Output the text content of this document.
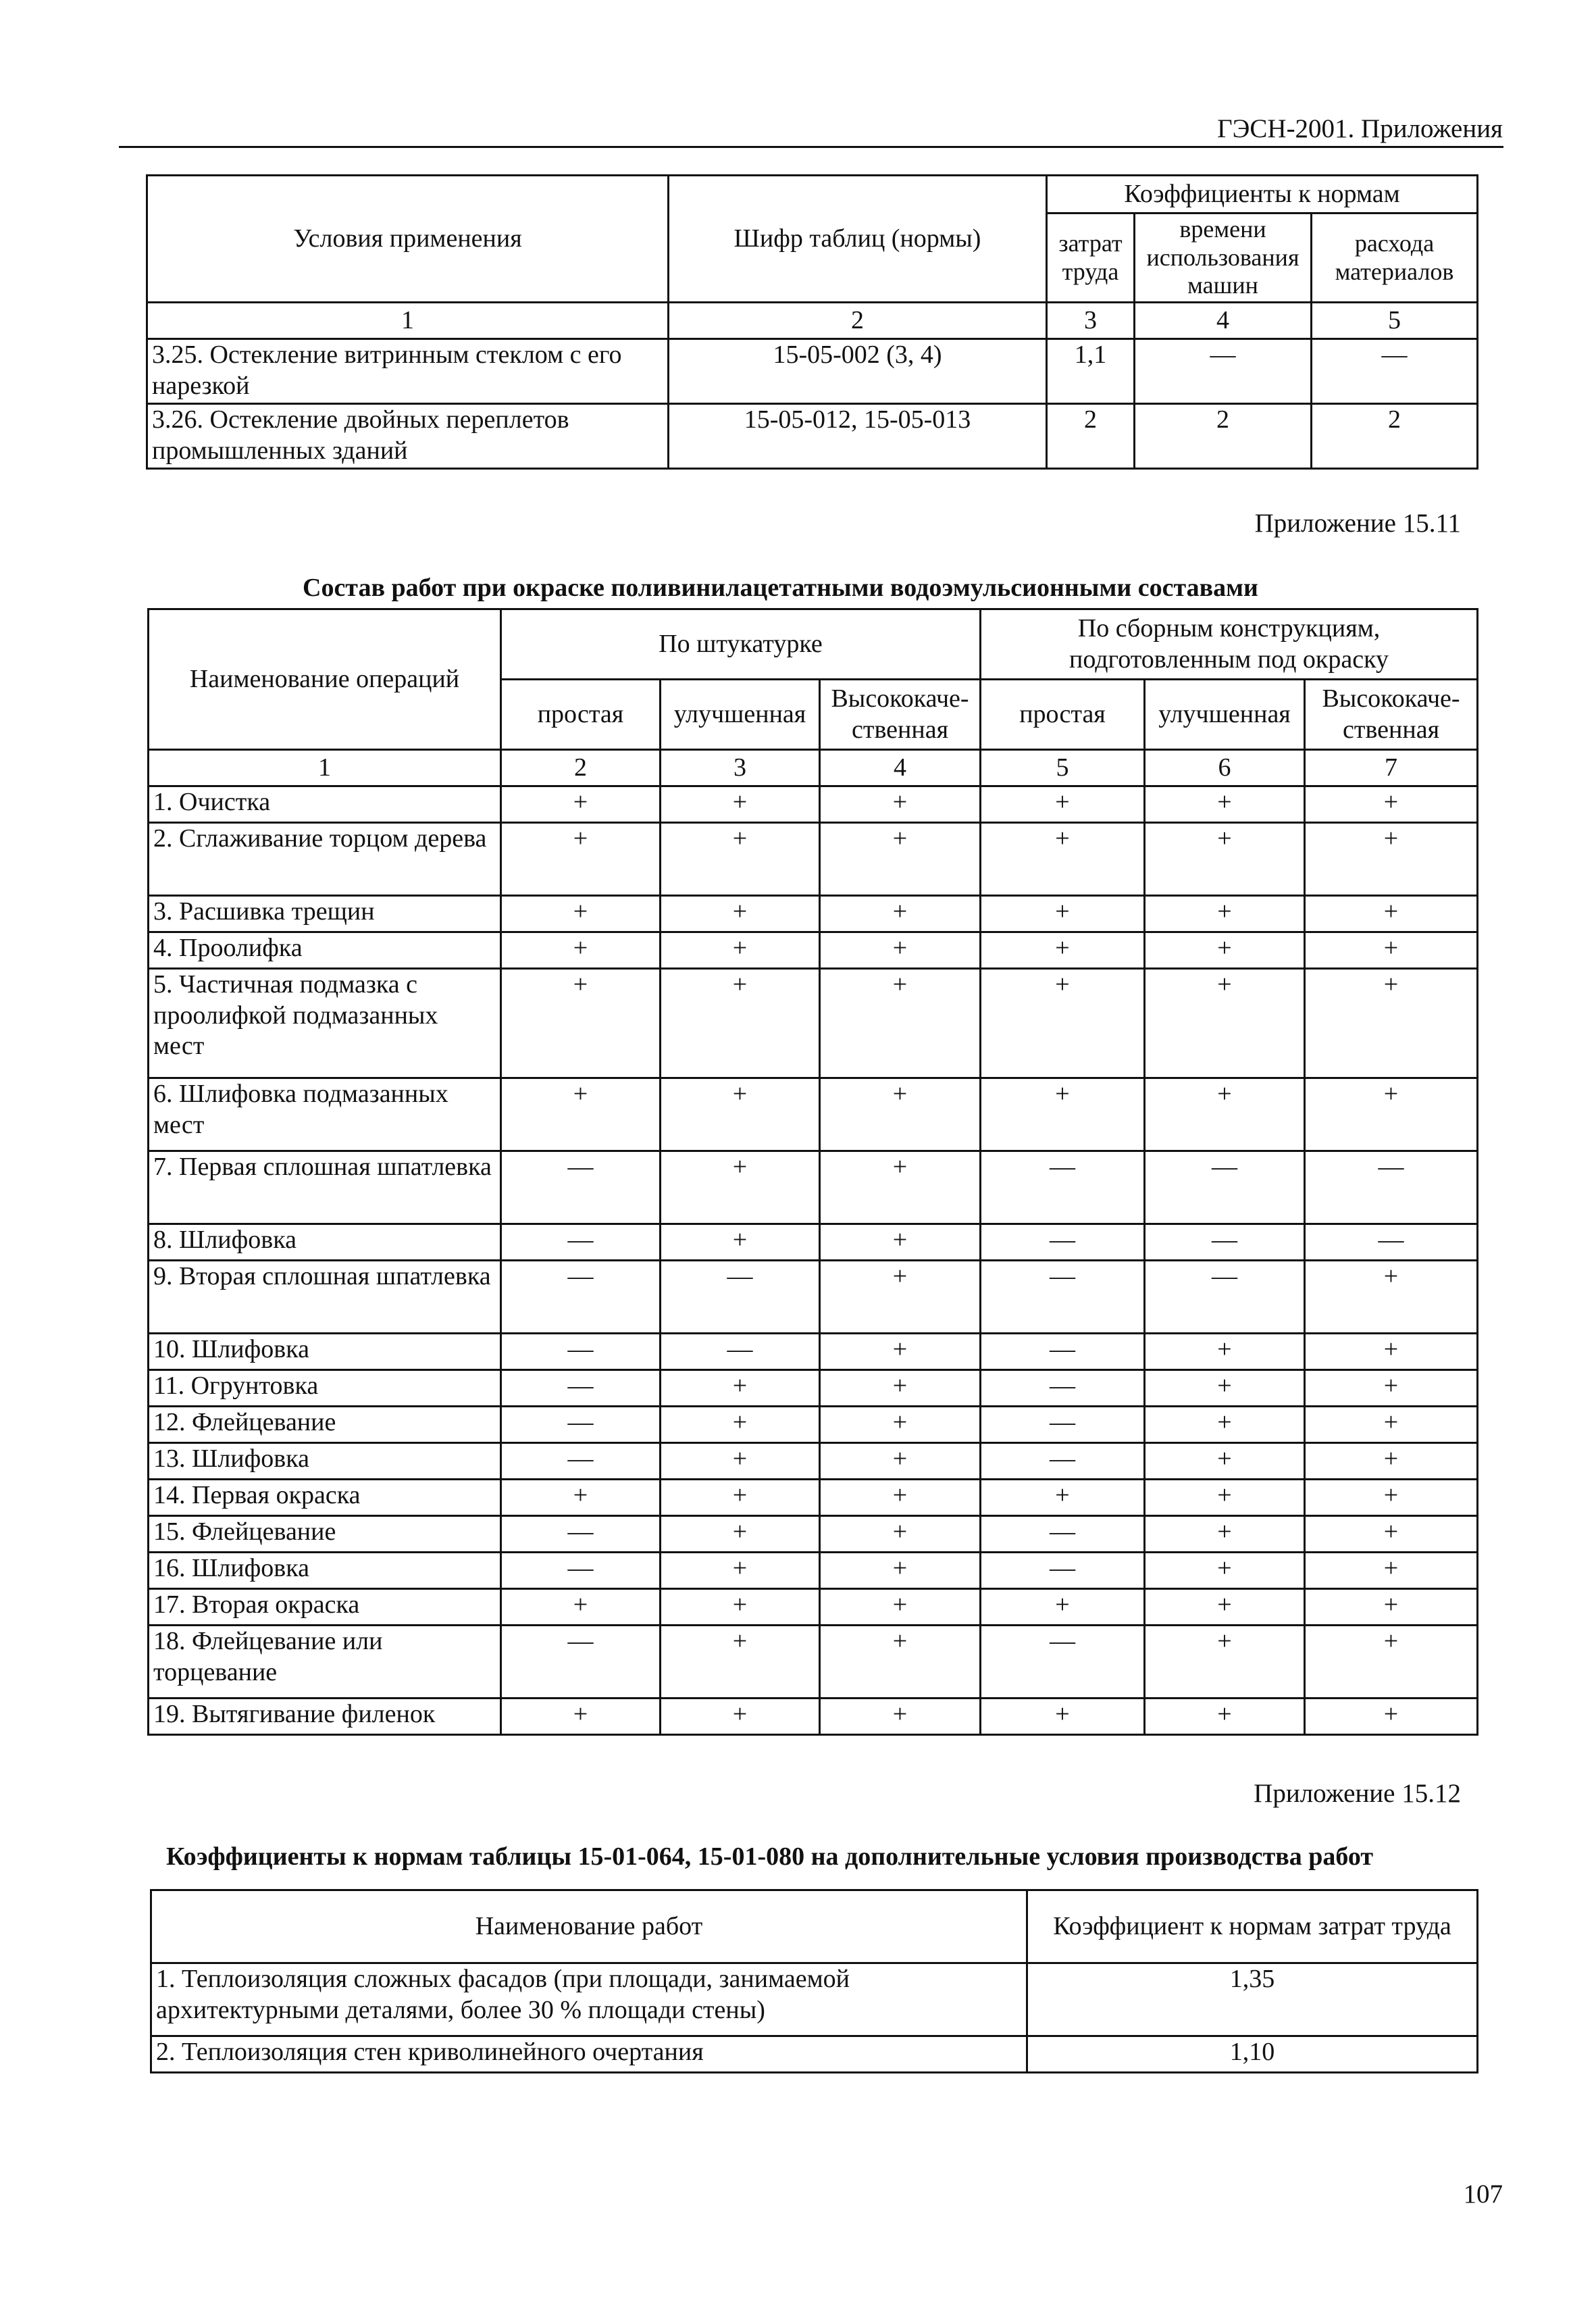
ГЭСН-2001. Приложения
Условия применения	Шифр таблиц (нормы)	Коэффициенты к нормам		
		затрат труда	времени использования машин	расхода материалов
1	2	3	4	5
3.25. Остекление витринным стеклом с его нарезкой	15-05-002 (3, 4)	1,1	—	—
3.26. Остекление двойных переплетов промышленных зданий	15-05-012, 15-05-013	2	2	2
Приложение 15.11
Состав работ при окраске поливинилацетатными водоэмульсионными составами
Наименование операций	По штукатурке			По сборным конструкциям, подготовленным под окраску		
	простая	улучшенная	Высококаче-ственная	простая	улучшенная	Высококаче-ственная
1	2	3	4	5	6	7
1. Очистка	+	+	+	+	+	+
2. Сглаживание торцом дерева	+	+	+	+	+	+
3. Расшивка трещин	+	+	+	+	+	+
4. Проолифка	+	+	+	+	+	+
5. Частичная подмазка с проолифкой подмазанных мест	+	+	+	+	+	+
6. Шлифовка подмазанных мест	+	+	+	+	+	+
7. Первая сплошная шпатлевка	—	+	+	—	—	—
8. Шлифовка	—	+	+	—	—	—
9. Вторая сплошная шпатлевка	—	—	+	—	—	+
10. Шлифовка	—	—	+	—	+	+
11. Огрунтовка	—	+	+	—	+	+
12. Флейцевание	—	+	+	—	+	+
13. Шлифовка	—	+	+	—	+	+
14. Первая окраска	+	+	+	+	+	+
15. Флейцевание	—	+	+	—	+	+
16. Шлифовка	—	+	+	—	+	+
17. Вторая окраска	+	+	+	+	+	+
18. Флейцевание или торцевание	—	+	+	—	+	+
19. Вытягивание филенок	+	+	+	+	+	+
Приложение 15.12
Коэффициенты к нормам таблицы 15-01-064, 15-01-080 на дополнительные условия производства работ
Наименование работ	Коэффициент к нормам затрат труда
1. Теплоизоляция сложных фасадов (при площади, занимаемой архитектурными деталями, более 30 % площади стены)	1,35
2. Теплоизоляция стен криволинейного очертания	1,10
107
